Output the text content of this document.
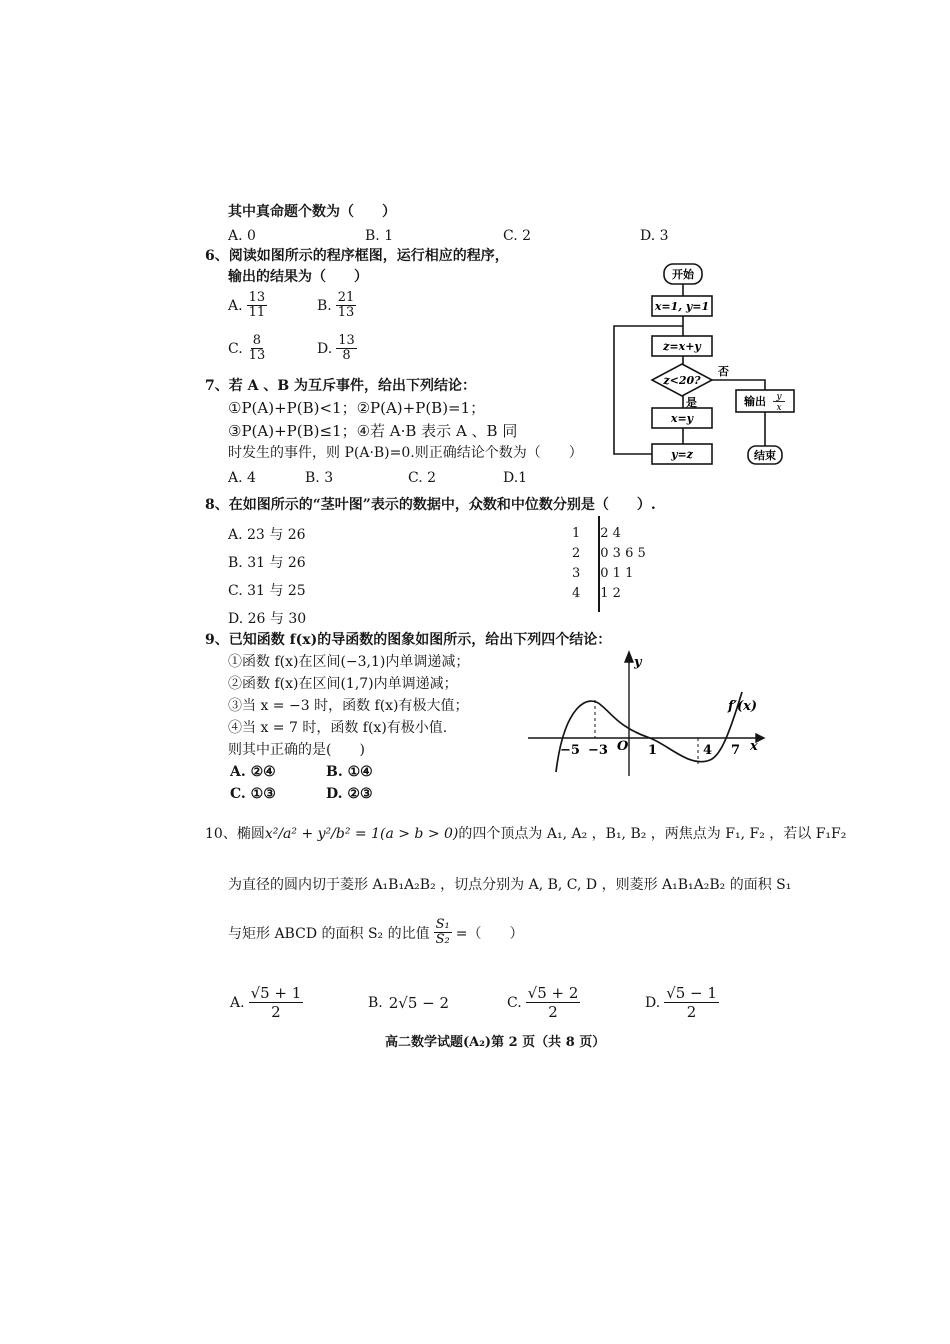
其中真命题个数为（　　）
A. 0	B. 1	C. 2	D. 3
6、阅读如图所示的程序框图，运行相应的程序，
输出的结果为（　　）
A. $\frac{13}{11}$	B. $\frac{21}{13}$
C. $\frac{8}{13}$	D. $\frac{13}{8}$
开始
x=1, y=1
z=x+y
z<20?
否
是
x=y
y=z
输出 y
x
结束
7、若 A 、B 为互斥事件，给出下列结论：
①P(A)+P(B)<1；②P(A)+P(B)=1；
③P(A)+P(B)≤1；④若 A·B 表示 A 、B 同
时发生的事件，则 P(A·B)=0.则正确结论个数为（　　）
A. 4	B. 3	C. 2	D.1
8、在如图所示的“茎叶图”表示的数据中，众数和中位数分别是（　　）.
A. 23 与 26
B. 31 与 26
C. 31 与 25
D. 26 与 30
1	2 4
2	0 3 6 5
3	0 1 1
4	1 2
9、已知函数 f(x)的导函数的图象如图所示，给出下列四个结论：
①函数 f(x)在区间(−3,1)内单调递减；
②函数 f(x)在区间(1,7)内单调递减；
③当 x = −3 时，函数 f(x)有极大值；
④当 x = 7 时，函数 f(x)有极小值.
则其中正确的是(　　)
A. ②④	B. ①④
C. ①③	D. ②③
y
x
f′(x)
O
−5 −3	1	4 7
10、椭圆x²/a² + y²/b² = 1(a > b > 0)的四个顶点为 A₁, A₂ ，B₁, B₂ ，两焦点为 F₁, F₂ ，若以 F₁F₂
为直径的圆内切于菱形 A₁B₁A₂B₂ ，切点分别为 A, B, C, D ，则菱形 A₁B₁A₂B₂ 的面积 S₁
与矩形 ABCD 的面积 S₂ 的比值 $\frac{\text{S₁}}{\text{S₂}}$ =（　　）
A. $\frac{√5 + 1}{2}$	B. 2√5 − 2	C. $\frac{√5 + 2}{2}$	D. $\frac{√5 - 1}{2}$
高二数学试题(A₂)第 2 页（共 8 页）
